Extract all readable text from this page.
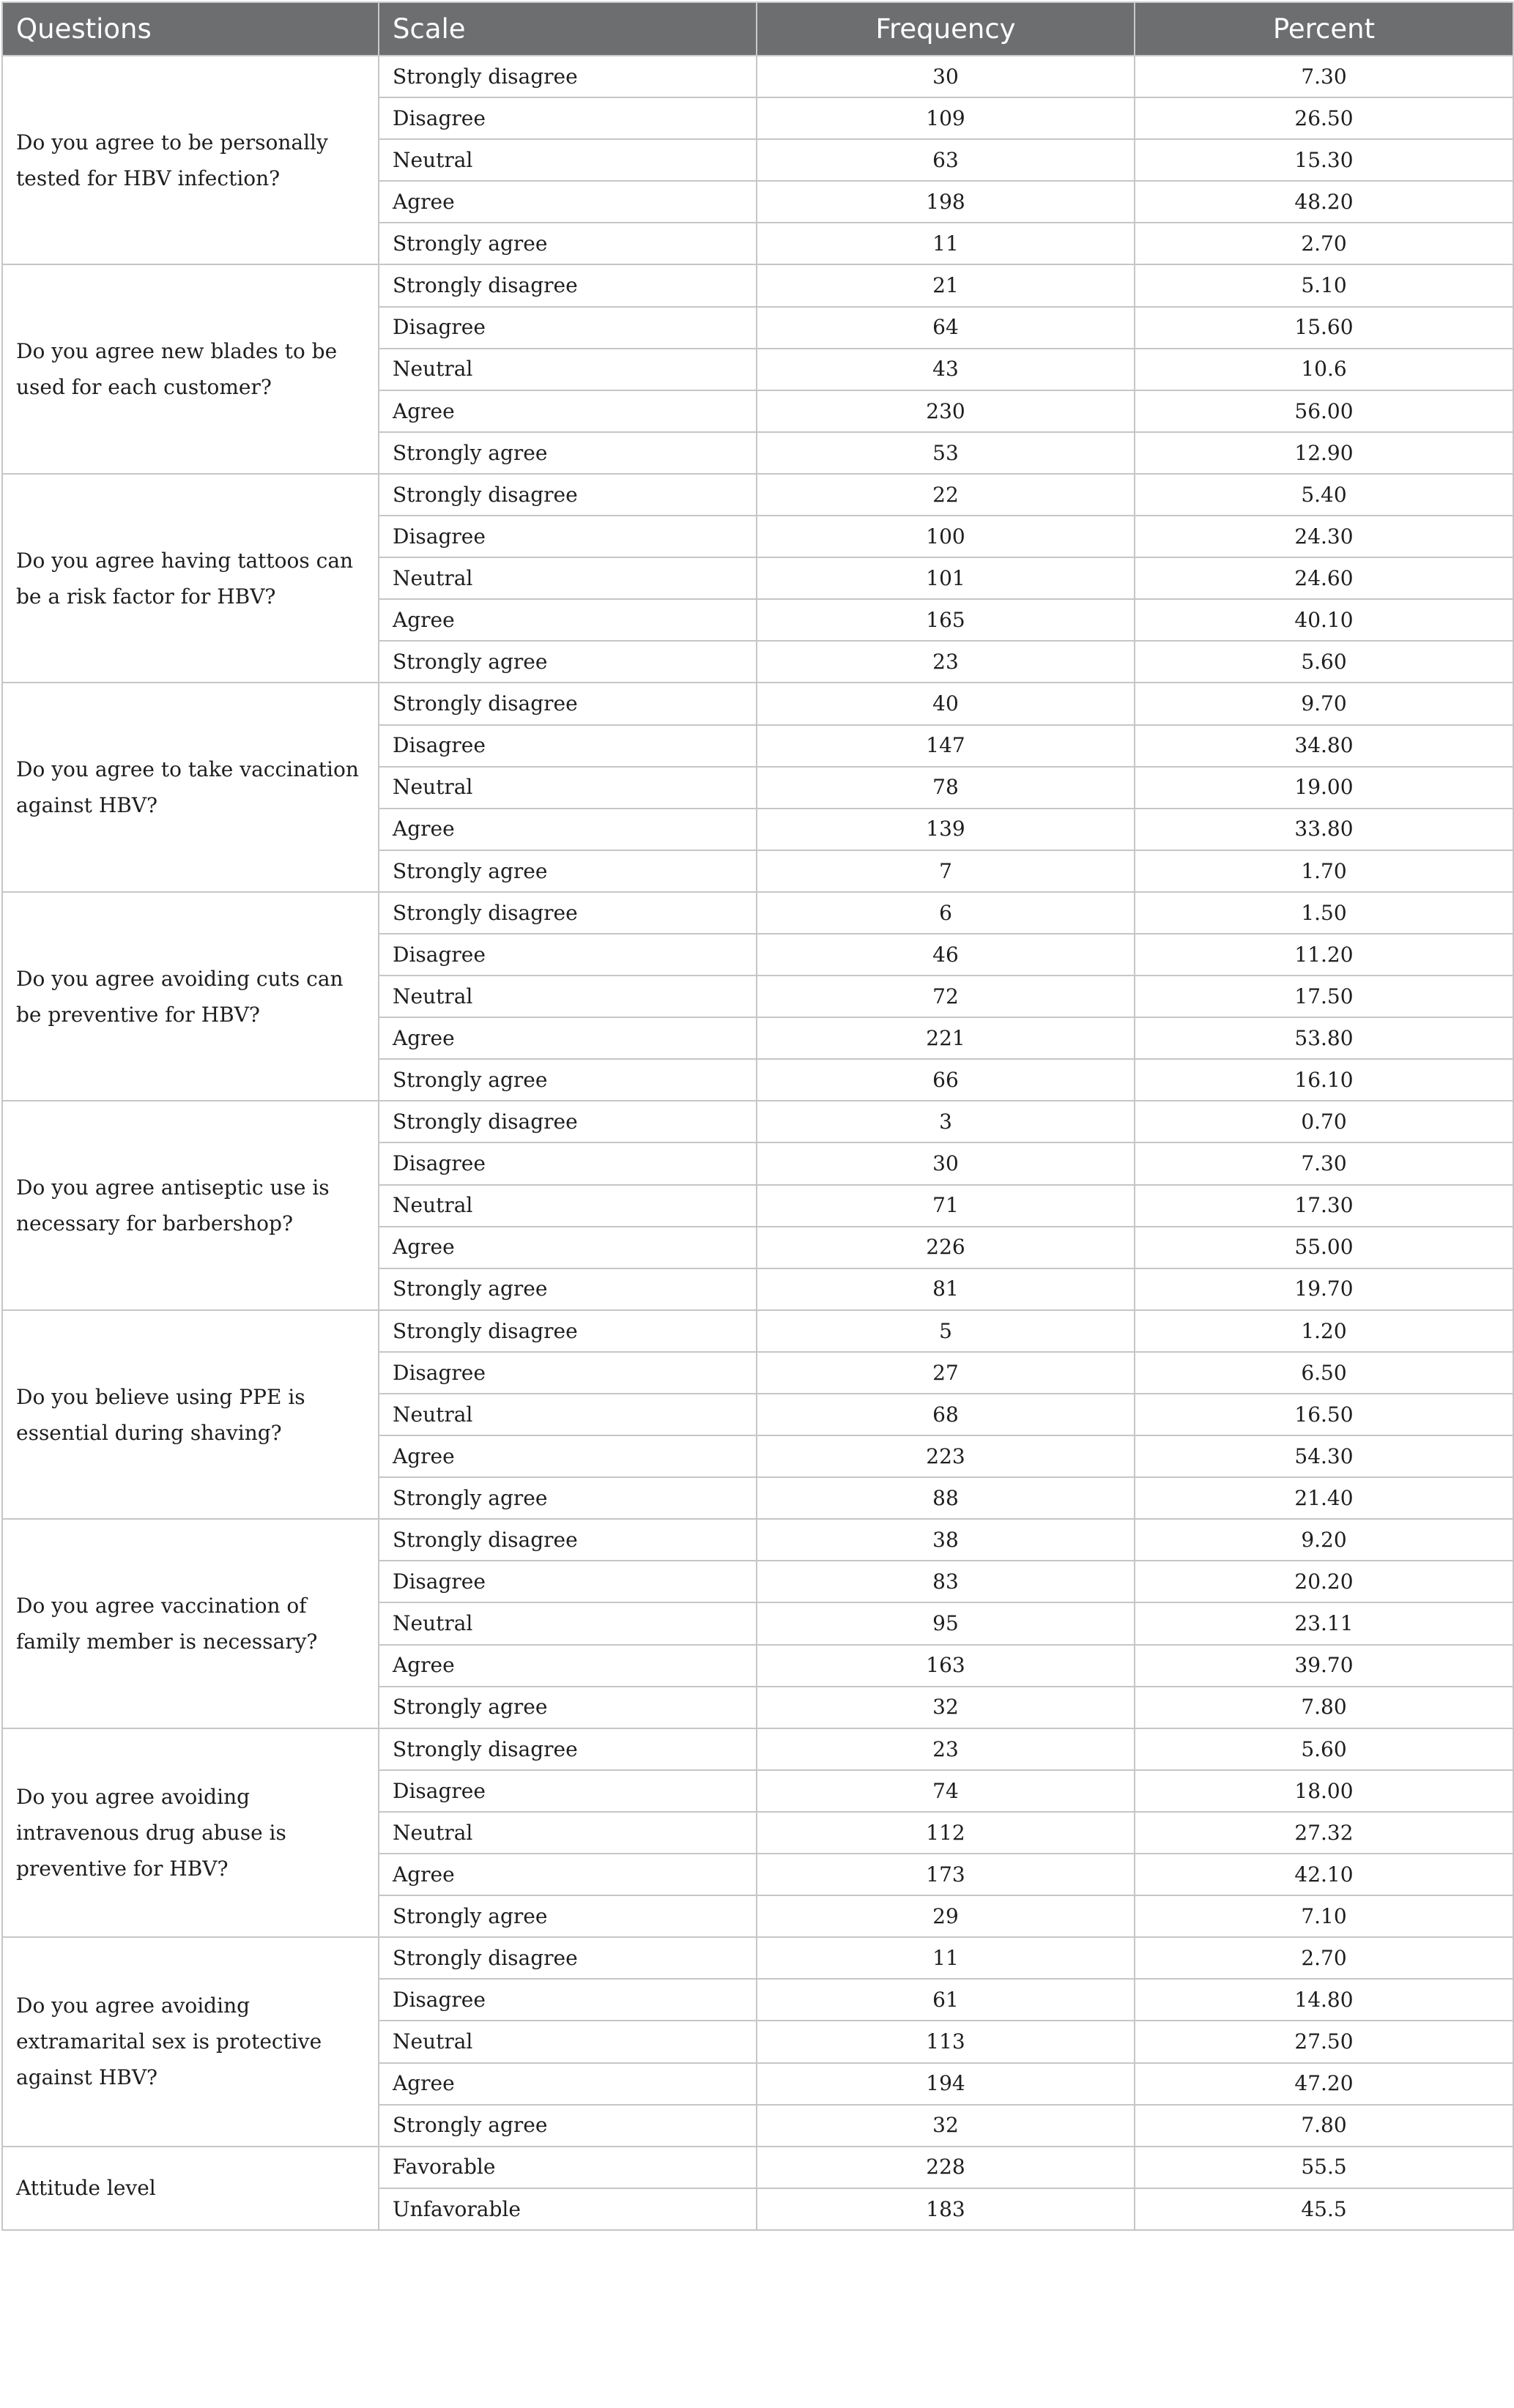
Questions	Scale	Frequency	Percent
Do you agree to be personally tested for HBV infection?	Strongly disagree	30	7.30
	Disagree	109	26.50
	Neutral	63	15.30
	Agree	198	48.20
	Strongly agree	11	2.70
Do you agree new blades to be used for each customer?	Strongly disagree	21	5.10
	Disagree	64	15.60
	Neutral	43	10.6
	Agree	230	56.00
	Strongly agree	53	12.90
Do you agree having tattoos can be a risk factor for HBV?	Strongly disagree	22	5.40
	Disagree	100	24.30
	Neutral	101	24.60
	Agree	165	40.10
	Strongly agree	23	5.60
Do you agree to take vaccination against HBV?	Strongly disagree	40	9.70
	Disagree	147	34.80
	Neutral	78	19.00
	Agree	139	33.80
	Strongly agree	7	1.70
Do you agree avoiding cuts can be preventive for HBV?	Strongly disagree	6	1.50
	Disagree	46	11.20
	Neutral	72	17.50
	Agree	221	53.80
	Strongly agree	66	16.10
Do you agree antiseptic use is necessary for barbershop?	Strongly disagree	3	0.70
	Disagree	30	7.30
	Neutral	71	17.30
	Agree	226	55.00
	Strongly agree	81	19.70
Do you believe using PPE is essential during shaving?	Strongly disagree	5	1.20
	Disagree	27	6.50
	Neutral	68	16.50
	Agree	223	54.30
	Strongly agree	88	21.40
Do you agree vaccination of family member is necessary?	Strongly disagree	38	9.20
	Disagree	83	20.20
	Neutral	95	23.11
	Agree	163	39.70
	Strongly agree	32	7.80
Do you agree avoiding intravenous drug abuse is preventive for HBV?	Strongly disagree	23	5.60
	Disagree	74	18.00
	Neutral	112	27.32
	Agree	173	42.10
	Strongly agree	29	7.10
Do you agree avoiding extramarital sex is protective against HBV?	Strongly disagree	11	2.70
	Disagree	61	14.80
	Neutral	113	27.50
	Agree	194	47.20
	Strongly agree	32	7.80
Attitude level	Favorable	228	55.5
	Unfavorable	183	45.5
